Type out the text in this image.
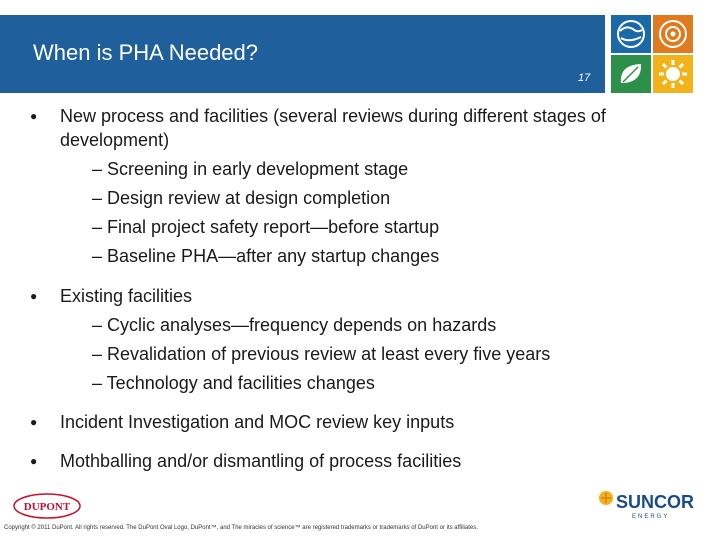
When is PHA Needed?
17
● New process and facilities (several reviews during different stages of
development)
– Screening in early development stage
– Design review at design completion
– Final project safety report—before startup
– Baseline PHA—after any startup changes
● Existing facilities
– Cyclic analyses—frequency depends on hazards
– Revalidation of previous review at least every five years
– Technology and facilities changes
● Incident Investigation and MOC review key inputs
● Mothballing and/or dismantling of process facilities
DUPONT	SUNCOR
ENERGY
Copyright © 2011 DuPont. All rights reserved. The DuPont Oval Logo, DuPont™, and The miracles of science™ are registered trademarks or trademarks of DuPont or its affiliates.
